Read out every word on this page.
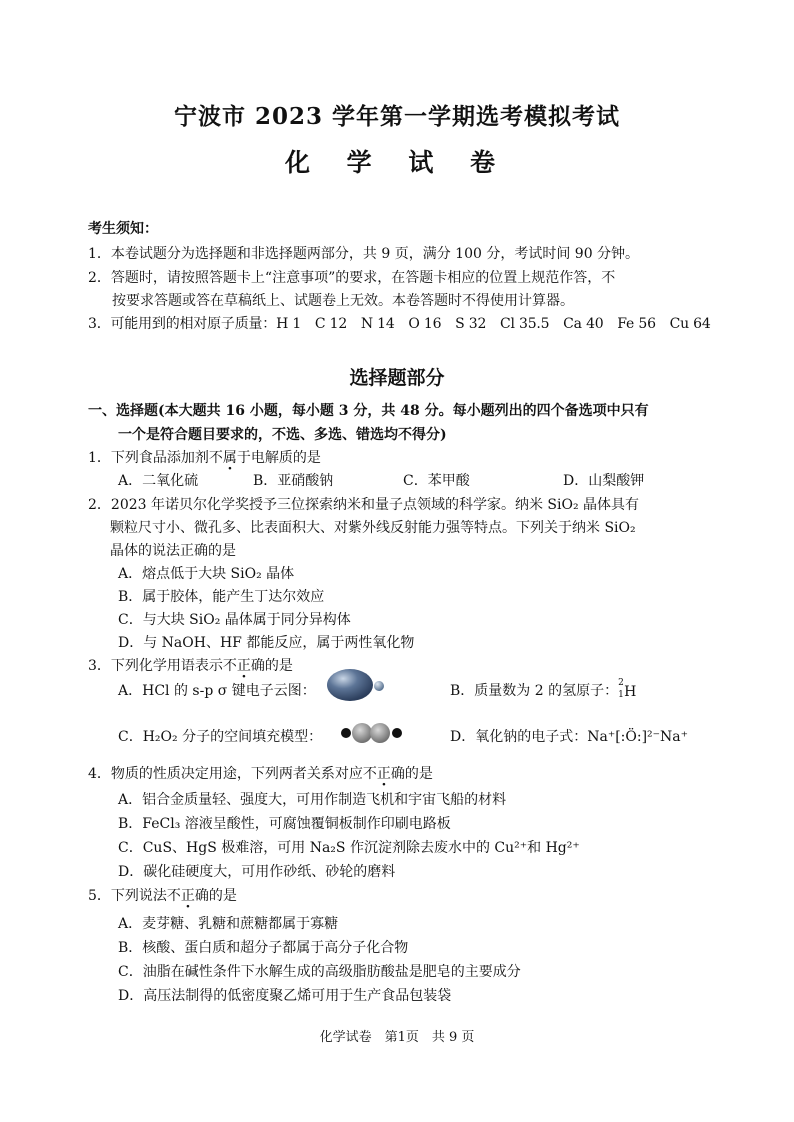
宁波市 2023 学年第一学期选考模拟考试
化 学 试 卷
考生须知：
1．本卷试题分为选择题和非选择题两部分，共 9 页，满分 100 分，考试时间 90 分钟。
2．答题时，请按照答题卡上“注意事项”的要求，在答题卡相应的位置上规范作答，不
按要求答题或答在草稿纸上、试题卷上无效。本卷答题时不得使用计算器。
3．可能用到的相对原子质量：H 1　C 12　N 14　O 16　S 32　Cl 35.5　Ca 40　Fe 56　Cu 64
选择题部分
一、选择题(本大题共 16 小题，每小题 3 分，共 48 分。每小题列出的四个备选项中只有
一个是符合题目要求的，不选、多选、错选均不得分)
1．下列食品添加剂不属于电解质的是
A．二氧化硫	B．亚硝酸钠	C．苯甲酸	D．山梨酸钾
2．2023 年诺贝尔化学奖授予三位探索纳米和量子点领域的科学家。纳米 SiO₂ 晶体具有
颗粒尺寸小、微孔多、比表面积大、对紫外线反射能力强等特点。下列关于纳米 SiO₂
晶体的说法正确的是
A．熔点低于大块 SiO₂ 晶体
B．属于胶体，能产生丁达尔效应
C．与大块 SiO₂ 晶体属于同分异构体
D．与 NaOH、HF 都能反应，属于两性氧化物
3．下列化学用语表示不正确的是
A．HCl 的 s-p σ 键电子云图：	B．质量数为 2 的氢原子： 2
1 H
C．H₂O₂ 分子的空间填充模型：	D．氧化钠的电子式：Na⁺[:Ö:]²⁻Na⁺
4．物质的性质决定用途，下列两者关系对应不正确的是
A．铝合金质量轻、强度大，可用作制造飞机和宇宙飞船的材料
B．FeCl₃ 溶液呈酸性，可腐蚀覆铜板制作印刷电路板
C．CuS、HgS 极难溶，可用 Na₂S 作沉淀剂除去废水中的 Cu²⁺和 Hg²⁺
D．碳化硅硬度大，可用作砂纸、砂轮的磨料
5．下列说法不正确的是
A．麦芽糖、乳糖和蔗糖都属于寡糖
B．核酸、蛋白质和超分子都属于高分子化合物
C．油脂在碱性条件下水解生成的高级脂肪酸盐是肥皂的主要成分
D．高压法制得的低密度聚乙烯可用于生产食品包装袋
化学试卷　第1页　共 9 页
